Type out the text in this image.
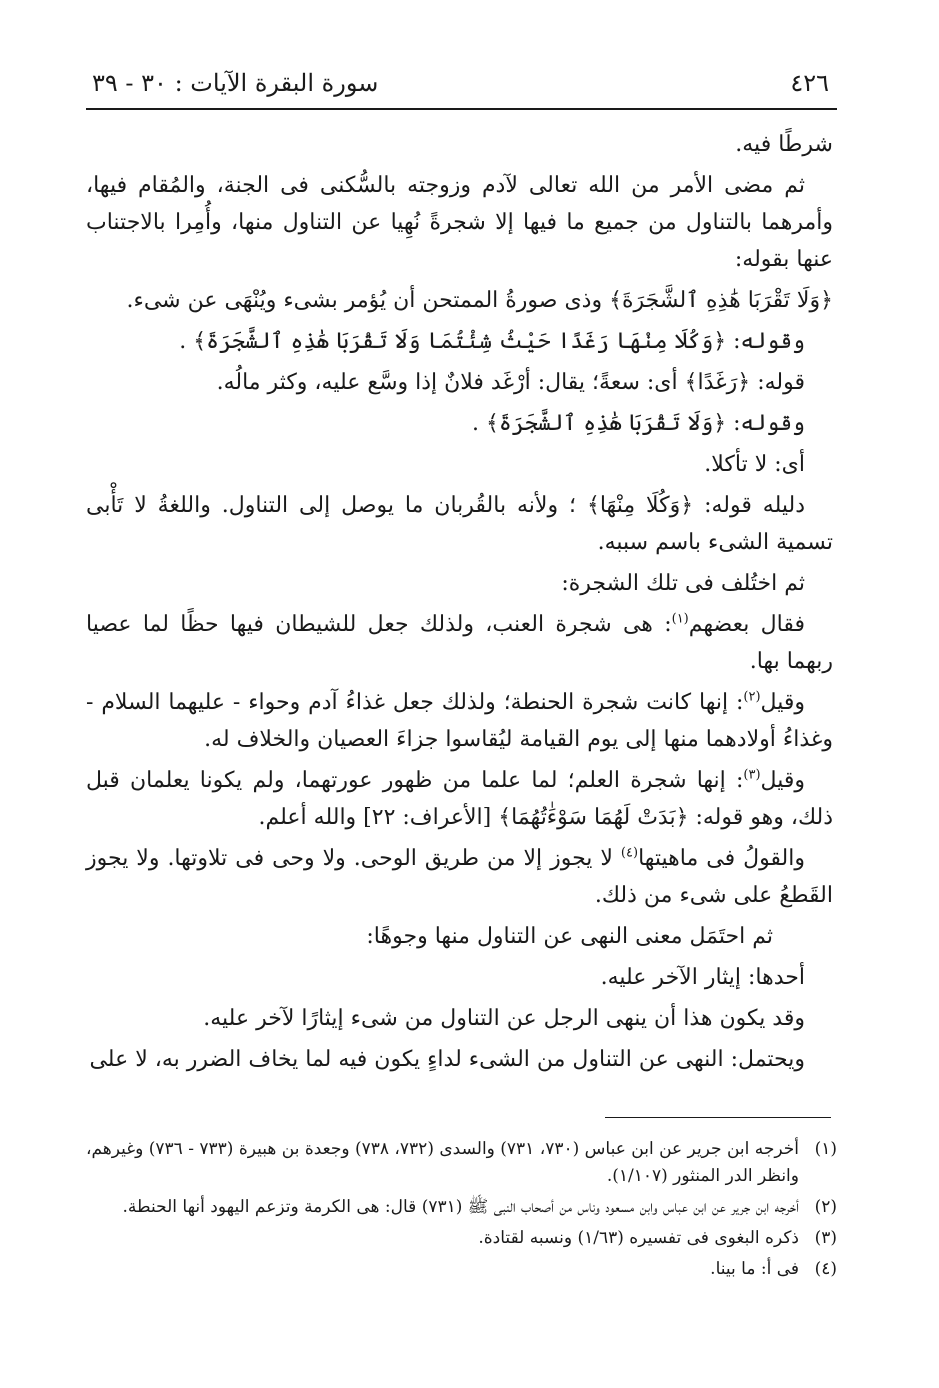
٤٢٦
سورة البقرة الآيات : ٣٠ - ٣٩

شرطًا فيه.

ثم مضى الأمر من الله تعالى لآدم وزوجته بالسُّكنى فى الجنة، والمُقام فيها، وأمرهما بالتناول من جميع ما فيها إلا شجرةً نُهِيا عن التناول منها، وأُمِرا بالاجتناب عنها بقوله:

﴿وَلَا تَقْرَبَا هَٰذِهِ ٱلشَّجَرَةَ﴾ وذى صورةُ الممتحن أن يُؤمر بشىء ويُنْهَى عن شىء.

وقوله: ﴿وَكُلَا مِنْهَا رَغَدًا حَيْثُ شِئْتُمَا وَلَا تَقْرَبَا هَٰذِهِ ٱلشَّجَرَةَ﴾ .

قوله: ﴿رَغَدًا﴾ أى: سعةً؛ يقال: أرْغَد فلانٌ إذا وسَّع عليه، وكثر مالُه.

وقوله: ﴿وَلَا تَقْرَبَا هَٰذِهِ ٱلشَّجَرَةَ﴾ .

أى: لا تأكلا.

دليله قوله: ﴿وَكُلَا مِنْهَا﴾ ؛ ولأنه بالقُربان ما يوصل إلى التناول. واللغةُ لا تَأْبى تسمية الشىء باسم سببه.

ثم اختُلف فى تلك الشجرة:

فقال بعضهم$^{(١)}$: هى شجرة العنب، ولذلك جعل للشيطان فيها حظًا لما عصيا ربهما بها.

وقيل$^{(٢)}$: إنها كانت شجرة الحنطة؛ ولذلك جعل غذاءُ آدم وحواء - عليهما السلام - وغذاءُ أولادهما منها إلى يوم القيامة ليُقاسوا جزاءَ العصيان والخلاف له.

وقيل$^{(٣)}$: إنها شجرة العلم؛ لما علما من ظهور عورتهما، ولم يكونا يعلمان قبل ذلك، وهو قوله: ﴿بَدَتْ لَهُمَا سَوْءَٰتُهُمَا﴾ [الأعراف: ٢٢] والله أعلم.

والقولُ فى ماهيتها$^{(٤)}$ لا يجوز إلا من طريق الوحى. ولا وحى فى تلاوتها. ولا يجوز القَطعُ على شىء من ذلك.

ثم احتَمَل معنى النهى عن التناول منها وجوهًا:

أحدها: إيثار الآخر عليه.

وقد يكون هذا أن ينهى الرجل عن التناول من شىء إيثارًا لآخر عليه.

ويحتمل: النهى عن التناول من الشىء لداءٍ يكون فيه لما يخاف الضرر به، لا على

(١)
أخرجه ابن جرير عن ابن عباس (٧٣٠، ٧٣١) والسدى (٧٣٢، ٧٣٨) وجعدة بن هبيرة (٧٣٣ - ٧٣٦) وغيرهم، وانظر الدر المنثور (١/١٠٧).
(٢)
أخرجه ابن جرير عن ابن عباس وابن مسعود وناس من أصحاب النبى ﷺ (٧٣١) قال: هى الكرمة وتزعم اليهود أنها الحنطة.
(٣)
ذكره البغوى فى تفسيره (١/٦٣) ونسبه لقتادة.
(٤)
فى أ: ما بينا.
